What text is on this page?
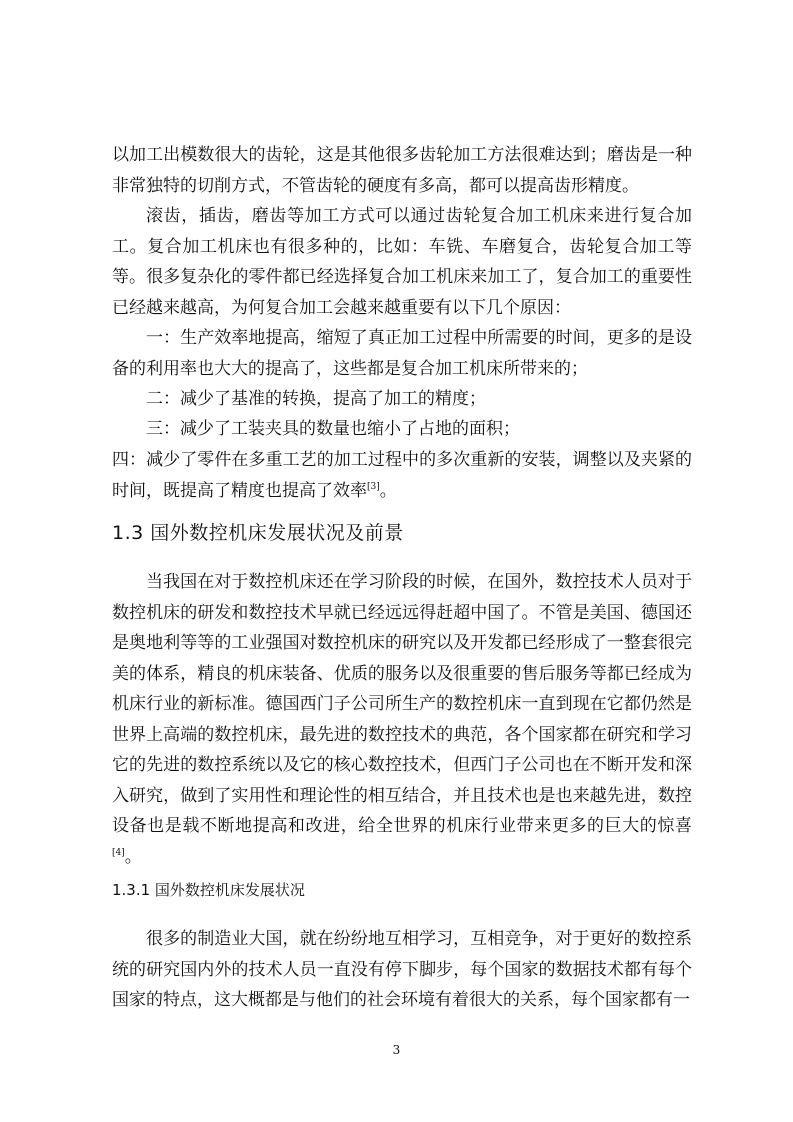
以加工出模数很大的齿轮，这是其他很多齿轮加工方法很难达到；磨齿是一种非常独特的切削方式，不管齿轮的硬度有多高，都可以提高齿形精度。

滚齿，插齿，磨齿等加工方式可以通过齿轮复合加工机床来进行复合加工。复合加工机床也有很多种的，比如：车铣、车磨复合，齿轮复合加工等等。很多复杂化的零件都已经选择复合加工机床来加工了，复合加工的重要性已经越来越高，为何复合加工会越来越重要有以下几个原因：

一：生产效率地提高，缩短了真正加工过程中所需要的时间，更多的是设备的利用率也大大的提高了，这些都是复合加工机床所带来的；

二：减少了基准的转换，提高了加工的精度；

三：减少了工装夹具的数量也缩小了占地的面积；

四：减少了零件在多重工艺的加工过程中的多次重新的安装，调整以及夹紧的时间，既提高了精度也提高了效率[3]。

1.3 国外数控机床发展状况及前景

当我国在对于数控机床还在学习阶段的时候，在国外，数控技术人员对于数控机床的研发和数控技术早就已经远远得赶超中国了。不管是美国、德国还是奥地利等等的工业强国对数控机床的研究以及开发都已经形成了一整套很完美的体系，精良的机床装备、优质的服务以及很重要的售后服务等都已经成为机床行业的新标准。德国西门子公司所生产的数控机床一直到现在它都仍然是世界上高端的数控机床，最先进的数控技术的典范，各个国家都在研究和学习它的先进的数控系统以及它的核心数控技术，但西门子公司也在不断开发和深入研究，做到了实用性和理论性的相互结合，并且技术也是也来越先进，数控设备也是载不断地提高和改进，给全世界的机床行业带来更多的巨大的惊喜[4]。

1.3.1 国外数控机床发展状况

很多的制造业大国，就在纷纷地互相学习，互相竞争，对于更好的数控系统的研究国内外的技术人员一直没有停下脚步，每个国家的数据技术都有每个国家的特点，这大概都是与他们的社会环境有着很大的关系，每个国家都有一

3
